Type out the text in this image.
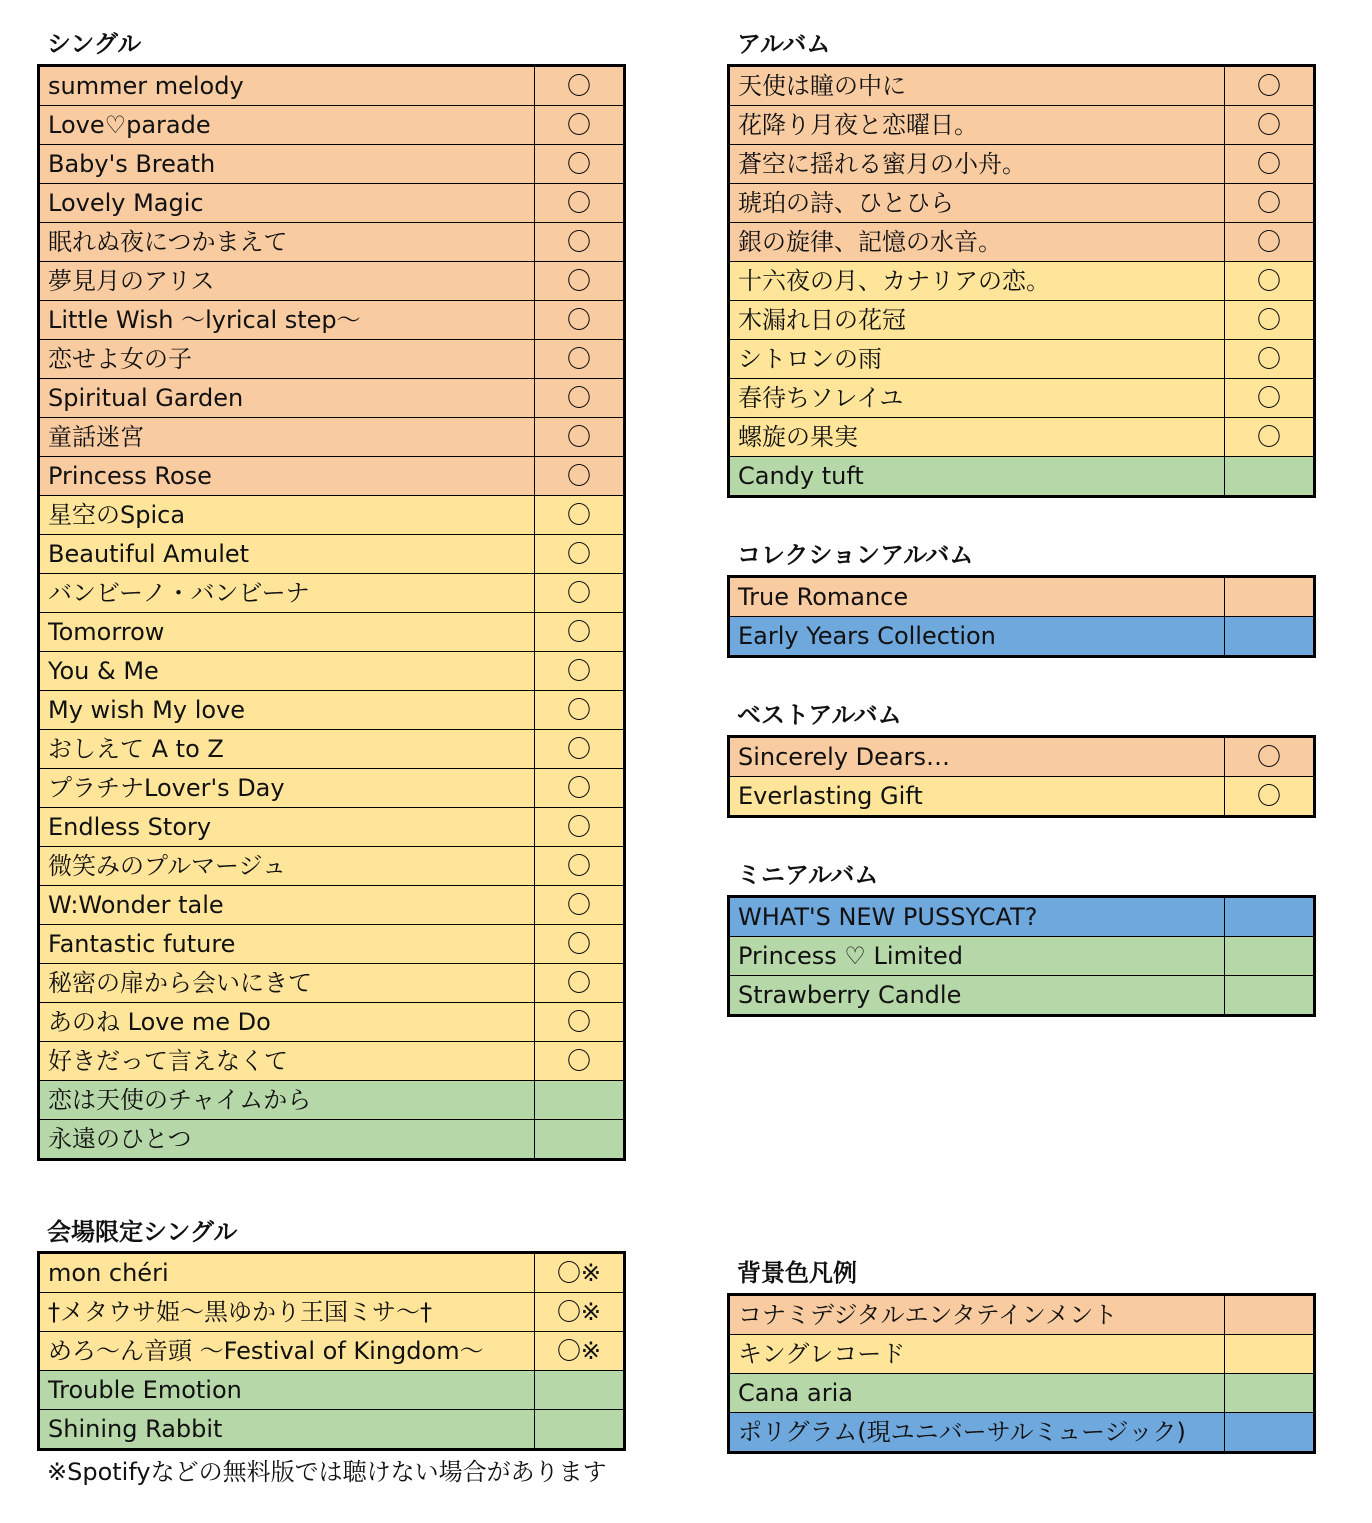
シングル
summer melody	〇
Love♡parade	〇
Baby's Breath	〇
Lovely Magic	〇
眠れぬ夜につかまえて	〇
夢見月のアリス	〇
Little Wish ～lyrical step～	〇
恋せよ女の子	〇
Spiritual Garden	〇
童話迷宮	〇
Princess Rose	〇
星空のSpica	〇
Beautiful Amulet	〇
バンビーノ・バンビーナ	〇
Tomorrow	〇
You & Me	〇
My wish My love	〇
おしえて A to Z	〇
プラチナLover's Day	〇
Endless Story	〇
微笑みのプルマージュ	〇
W:Wonder tale	〇
Fantastic future	〇
秘密の扉から会いにきて	〇
あのね Love me Do	〇
好きだって言えなくて	〇
恋は天使のチャイムから	
永遠のひとつ	
会場限定シングル
mon chéri	〇※
†メタウサ姫～黒ゆかり王国ミサ～†	〇※
めろ～ん音頭 ～Festival of Kingdom～	〇※
Trouble Emotion	
Shining Rabbit	
※Spotifyなどの無料版では聴けない場合があります
アルバム
天使は瞳の中に	〇
花降り月夜と恋曜日。	〇
蒼空に揺れる蜜月の小舟。	〇
琥珀の詩、ひとひら	〇
銀の旋律、記憶の水音。	〇
十六夜の月、カナリアの恋。	〇
木漏れ日の花冠	〇
シトロンの雨	〇
春待ちソレイユ	〇
螺旋の果実	〇
Candy tuft	
コレクションアルバム
True Romance	
Early Years Collection	
ベストアルバム
Sincerely Dears…	〇
Everlasting Gift	〇
ミニアルバム
WHAT'S NEW PUSSYCAT?	
Princess ♡ Limited	
Strawberry Candle	
背景色凡例
コナミデジタルエンタテインメント	
キングレコード	
Cana aria	
ポリグラム(現ユニバーサルミュージック)	
